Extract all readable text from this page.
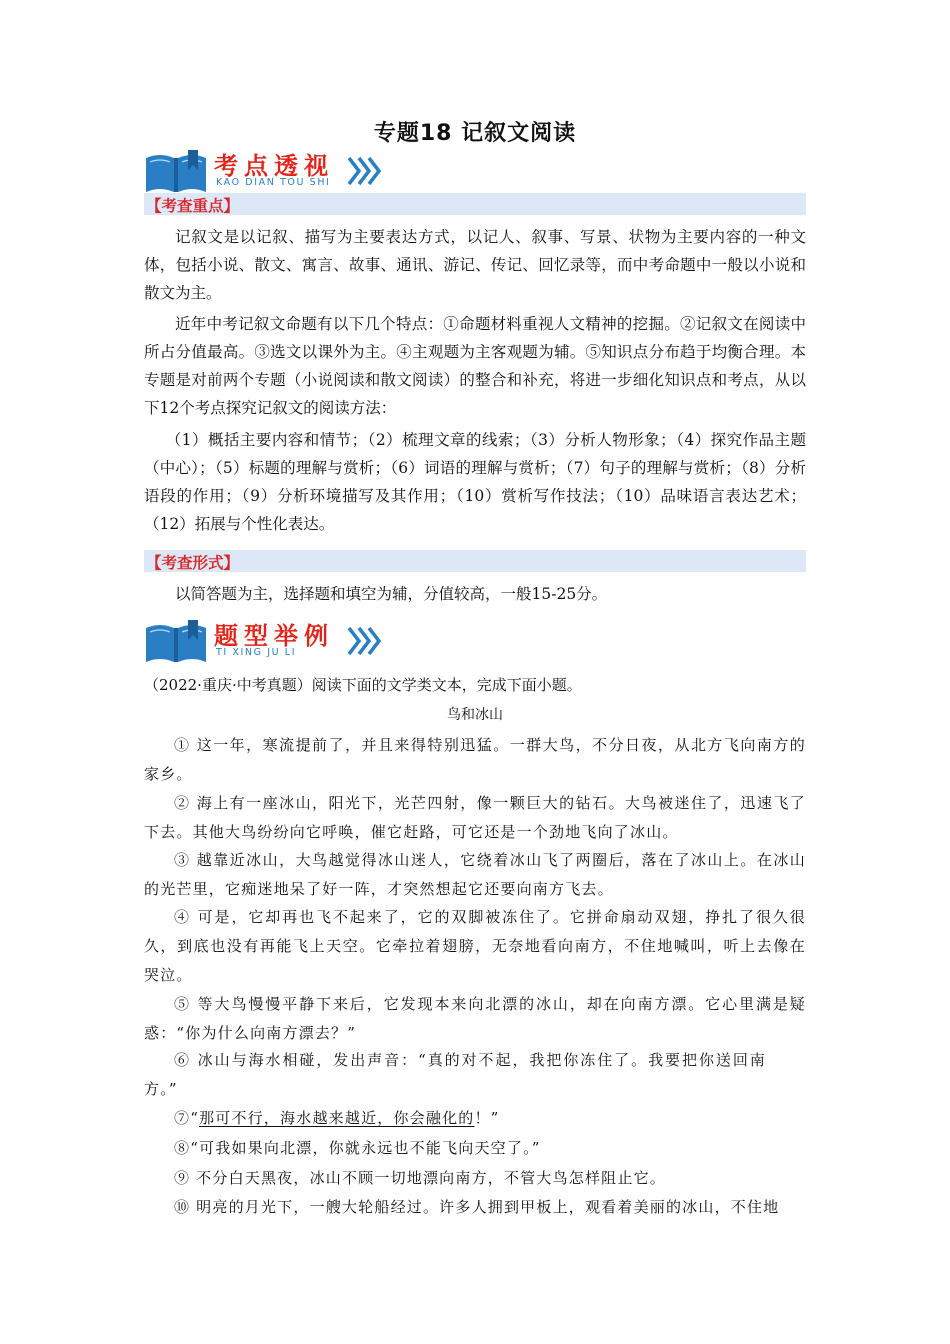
专题18 记叙文阅读
考点透视
KAO DIAN TOU SHI
【考查重点】

记叙文是以记叙、描写为主要表达方式，以记人、叙事、写景、状物为主要内容的一种文体，包括小说、散文、寓言、故事、通讯、游记、传记、回忆录等，而中考命题中一般以小说和散文为主。

近年中考记叙文命题有以下几个特点：①命题材料重视人文精神的挖掘。②记叙文在阅读中所占分值最高。③选文以课外为主。④主观题为主客观题为辅。⑤知识点分布趋于均衡合理。本专题是对前两个专题（小说阅读和散文阅读）的整合和补充，将进一步细化知识点和考点，从以下12个考点探究记叙文的阅读方法：

（1）概括主要内容和情节；（2）梳理文章的线索；（3）分析人物形象；（4）探究作品主题（中心）；（5）标题的理解与赏析；（6）词语的理解与赏析；（7）句子的理解与赏析；（8）分析语段的作用；（9）分析环境描写及其作用；（10）赏析写作技法；（10）品味语言表达艺术；（12）拓展与个性化表达。

【考查形式】

以简答题为主，选择题和填空为辅，分值较高，一般15-25分。

题型举例
TI XING JU LI
（2022·重庆·中考真题）阅读下面的文学类文本，完成下面小题。
鸟和冰山

① 这一年，寒流提前了，并且来得特别迅猛。一群大鸟，不分日夜，从北方飞向南方的家乡。

② 海上有一座冰山，阳光下，光芒四射，像一颗巨大的钻石。大鸟被迷住了，迅速飞了下去。其他大鸟纷纷向它呼唤，催它赶路，可它还是一个劲地飞向了冰山。

③ 越靠近冰山，大鸟越觉得冰山迷人，它绕着冰山飞了两圈后，落在了冰山上。在冰山的光芒里，它痴迷地呆了好一阵，才突然想起它还要向南方飞去。

④ 可是，它却再也飞不起来了，它的双脚被冻住了。它拼命扇动双翅，挣扎了很久很久，到底也没有再能飞上天空。它牵拉着翅膀，无奈地看向南方，不住地喊叫，听上去像在哭泣。

⑤ 等大鸟慢慢平静下来后，它发现本来向北漂的冰山，却在向南方漂。它心里满是疑惑：“你为什么向南方漂去？”

⑥ 冰山与海水相碰，发出声音：“真的对不起，我把你冻住了。我要把你送回南方。”

⑦“那可不行，海水越来越近，你会融化的！”

⑧“可我如果向北漂，你就永远也不能飞向天空了。”

⑨ 不分白天黑夜，冰山不顾一切地漂向南方，不管大鸟怎样阻止它。

⑩ 明亮的月光下，一艘大轮船经过。许多人拥到甲板上，观看着美丽的冰山，不住地
